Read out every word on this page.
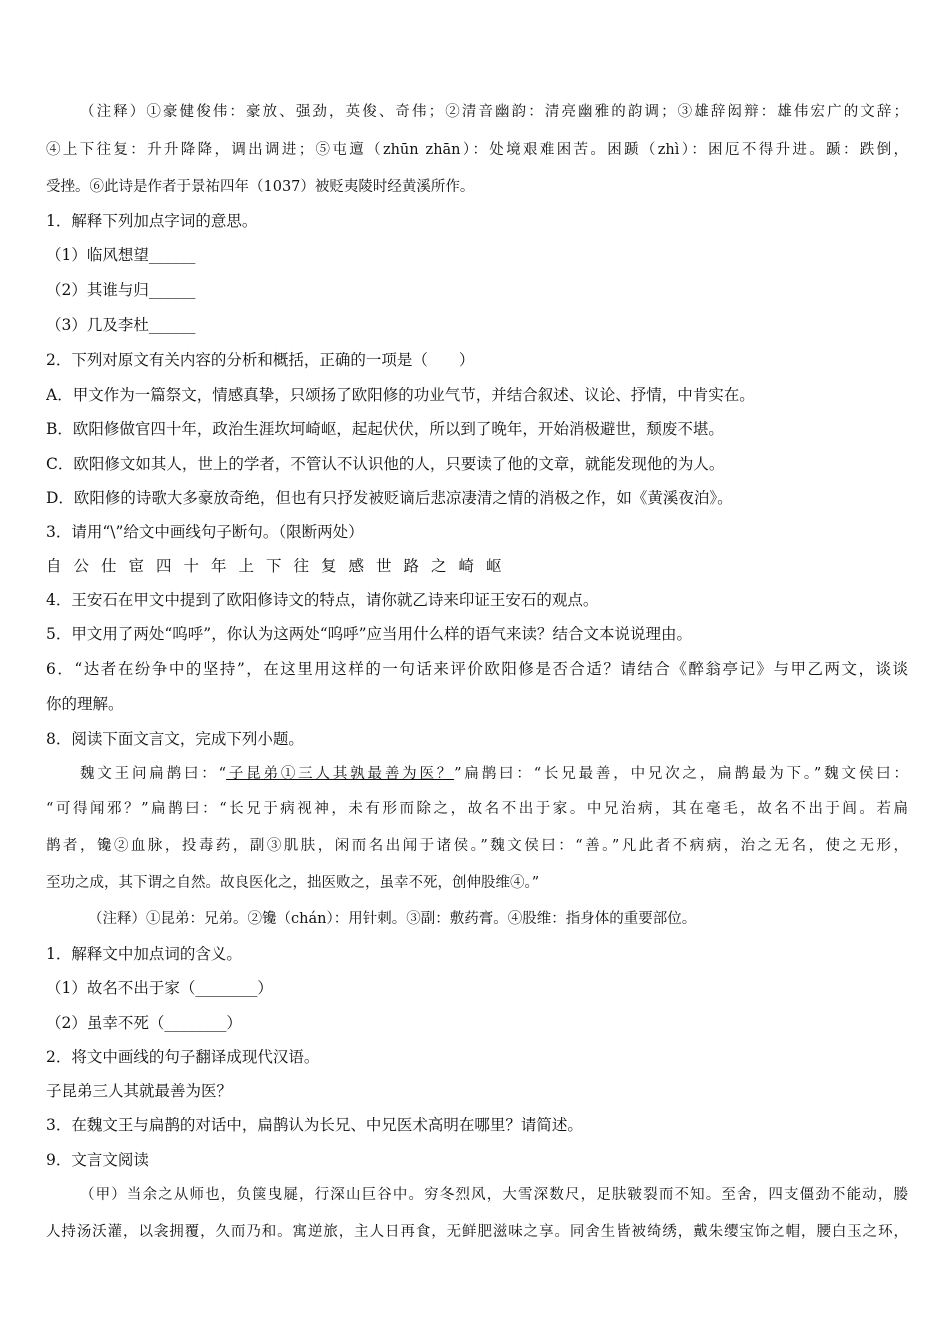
（注释）①豪健俊伟：豪放、强劲，英俊、奇伟；②清音幽韵：清亮幽雅的韵调；③雄辞闳辩：雄伟宏广的文辞；
④上下往复：升升降降，调出调进；⑤屯邅（zhūn zhān）：处境艰难困苦。困踬（zhì）：困厄不得升进。踬：跌倒，
受挫。⑥此诗是作者于景祐四年（1037）被贬夷陵时经黄溪所作。
1．解释下列加点字词的意思。
（1）临风想望______
（2）其谁与归______
（3）几及李杜______
2．下列对原文有关内容的分析和概括，正确的一项是（　　）
A．甲文作为一篇祭文，情感真挚，只颂扬了欧阳修的功业气节，并结合叙述、议论、抒情，中肯实在。
B．欧阳修做官四十年，政治生涯坎坷崎岖，起起伏伏，所以到了晚年，开始消极避世，颓废不堪。
C．欧阳修文如其人，世上的学者，不管认不认识他的人，只要读了他的文章，就能发现他的为人。
D．欧阳修的诗歌大多豪放奇绝，但也有只抒发被贬谪后悲凉凄清之情的消极之作，如《黄溪夜泊》。
3．请用“\”给文中画线句子断句。（限断两处）
自公仕宦四十年上下往复感世路之崎岖
4．王安石在甲文中提到了欧阳修诗文的特点，请你就乙诗来印证王安石的观点。
5．甲文用了两处“呜呼”，你认为这两处“呜呼”应当用什么样的语气来读？结合文本说说理由。
6．“达者在纷争中的坚持”，在这里用这样的一句话来评价欧阳修是否合适？请结合《醉翁亭记》与甲乙两文，谈谈
你的理解。
8．阅读下面文言文，完成下列小题。
魏文王问扁鹊曰：“子昆弟①三人其孰最善为医？”扁鹊曰：“长兄最善，中兄次之，扁鹊最为下。”魏文侯曰：
“可得闻邪？”扁鹊曰：“长兄于病视神，未有形而除之，故名不出于家。中兄治病，其在毫毛，故名不出于闾。若扁
鹊者，镵②血脉，投毒药，副③肌肤，闲而名出闻于诸侯。”魏文侯曰：“善。”凡此者不病病，治之无名，使之无形，
至功之成，其下谓之自然。故良医化之，拙医败之，虽幸不死，创伸股维④。”
（注释）①昆弟：兄弟。②镵（chán）：用针刺。③副：敷药膏。④股维：指身体的重要部位。
1．解释文中加点词的含义。
（1）故名不出于家（________）
（2）虽幸不死（________）
2．将文中画线的句子翻译成现代汉语。
子昆弟三人其就最善为医？
3．在魏文王与扁鹊的对话中，扁鹊认为长兄、中兄医术高明在哪里？请简述。
9．文言文阅读
（甲）当余之从师也，负箧曳屣，行深山巨谷中。穷冬烈风，大雪深数尺，足肤皲裂而不知。至舍，四支僵劲不能动，媵
人持汤沃灌，以衾拥覆，久而乃和。寓逆旅，主人日再食，无鲜肥滋味之享。同舍生皆被绮绣，戴朱缨宝饰之帽，腰白玉之环，
